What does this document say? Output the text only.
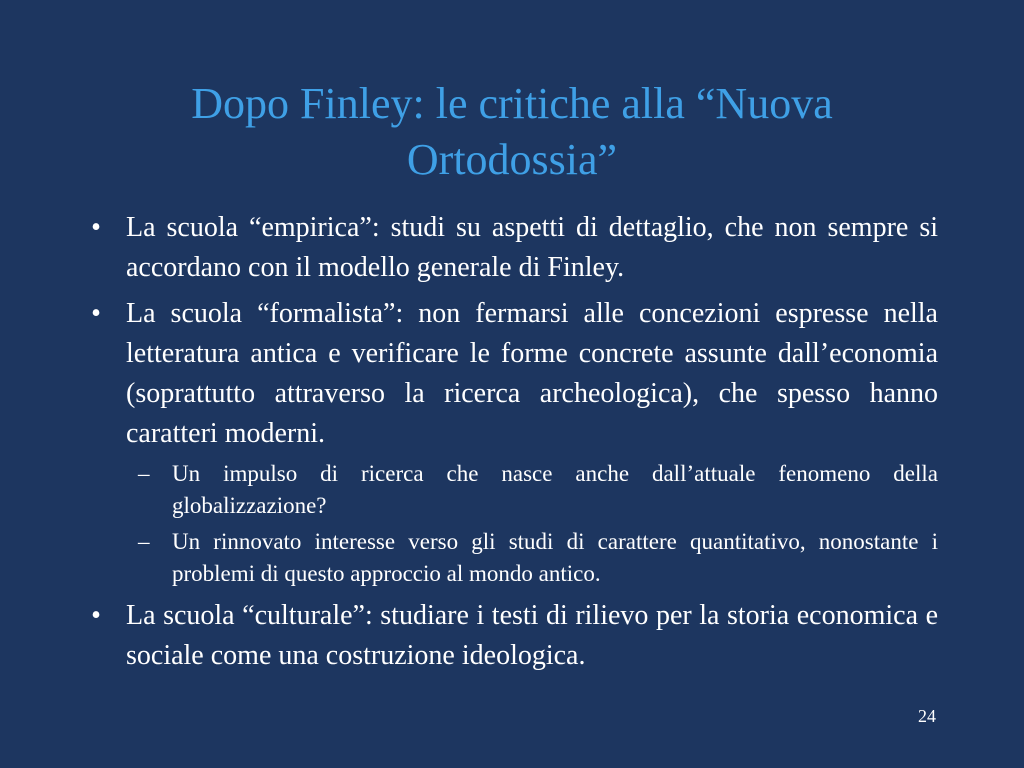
Dopo Finley: le critiche alla “Nuova Ortodossia”
• La scuola “empirica”: studi su aspetti di dettaglio, che non sempre si accordano con il modello generale di Finley.
• La scuola “formalista”: non fermarsi alle concezioni espresse nella letteratura antica e verificare le forme concrete assunte dall’economia (soprattutto attraverso la ricerca archeologica), che spesso hanno caratteri moderni.
– Un impulso di ricerca che nasce anche dall’attuale fenomeno della globalizzazione?
– Un rinnovato interesse verso gli studi di carattere quantitativo, nonostante i problemi di questo approccio al mondo antico.
• La scuola “culturale”: studiare i testi di rilievo per la storia economica e sociale come una costruzione ideologica.
24
